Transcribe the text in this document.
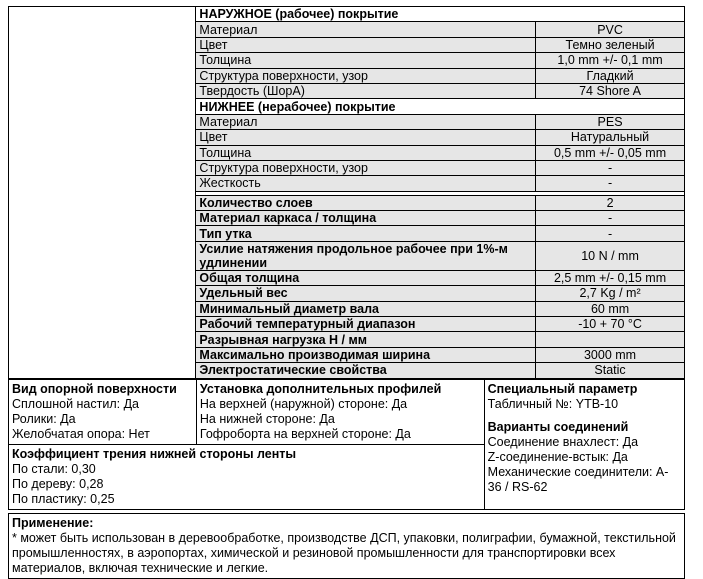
	НАРУЖНОЕ (рабочее) покрытие	
	Материал	PVC
	Цвет	Темно зеленый
	Толщина	1,0 mm +/- 0,1 mm
	Структура поверхности, узор	Гладкий
	Твердость (ШорА)	74 Shore A
	НИЖНЕЕ (нерабочее) покрытие	
	Материал	PES
	Цвет	Натуральный
	Толщина	0,5 mm +/- 0,05 mm
	Структура поверхности, узор	-
	Жесткость	-

	Количество слоев	2
	Материал каркаса / толщина	-
	Тип утка	-
	Усилие натяжения продольное рабочее при 1%-м удлинении	10 N / mm
	Общая толщина	2,5 mm +/- 0,15 mm
	Удельный вес	2,7 Kg / m²
	Минимальный диаметр вала	60 mm
	Рабочий температурный диапазон	-10 + 70 °C
	Разрывная нагрузка Н / мм	
	Максимально производимая ширина	3000 mm
	Электростатические свойства	Static
Вид опорной поверхности
Сплошной настил: Да
Ролики: Да
Желобчатая опора: Нет

Установка дополнительных профилей
На верхней (наружной) стороне: Да
На нижней стороне: Да
Гофроборта на верхней стороне: Да

Специальный параметр
Табличный №: YTB-10
Варианты соединений
Соединение внахлест: Да
Z-соединение-встык: Да
Механические соединители: A-36 / RS-62

Коэффициент трения нижней стороны ленты
По стали: 0,30
По дереву: 0,28
По пластику: 0,25
Применение:
* может быть использован в деревообработке, производстве ДСП, упаковки, полиграфии, бумажной, текстильной промышленностях, в аэропортах, химической и резиновой промышленности для транспортировки всех материалов, включая технические и легкие.
